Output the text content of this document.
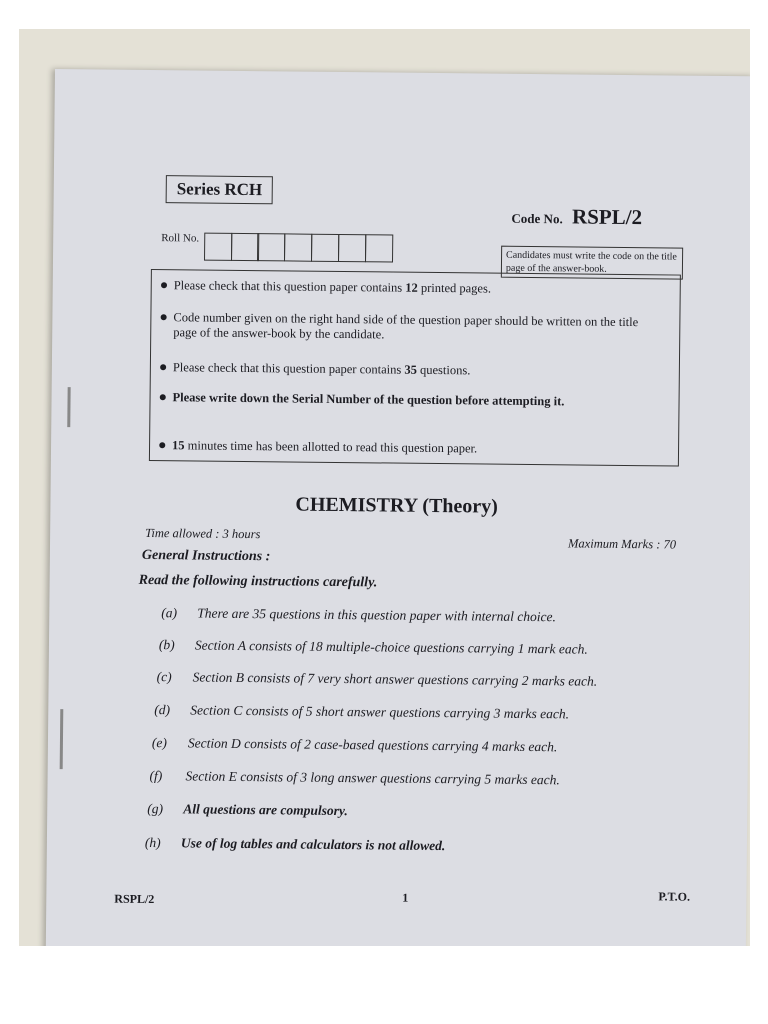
Series RCH
Code No. RSPL/2
Roll No.
Candidates must write the code on the title page of the answer-book.
● Please check that this question paper contains 12 printed pages.
● Code number given on the right hand side of the question paper should be written on the title page of the answer-book by the candidate.
● Please check that this question paper contains 35 questions.
● Please write down the Serial Number of the question before attempting it.
● 15 minutes time has been allotted to read this question paper.
CHEMISTRY (Theory)
Time allowed : 3 hours
Maximum Marks : 70
General Instructions :
Read the following instructions carefully.
(a) There are 35 questions in this question paper with internal choice.
(b) Section A consists of 18 multiple-choice questions carrying 1 mark each.
(c) Section B consists of 7 very short answer questions carrying 2 marks each.
(d) Section C consists of 5 short answer questions carrying 3 marks each.
(e) Section D consists of 2 case-based questions carrying 4 marks each.
(f) Section E consists of 3 long answer questions carrying 5 marks each.
(g) All questions are compulsory.
(h) Use of log tables and calculators is not allowed.
RSPL/2	1	P.T.O.
